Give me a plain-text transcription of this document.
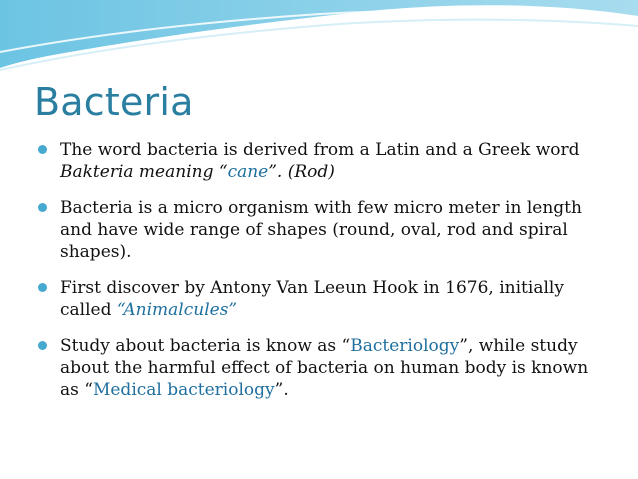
Bacteria
The word bacteria is derived from a Latin and a Greek word
Bakteria meaning “cane”. (Rod)
Bacteria is a micro organism with few micro meter in length and have wide range of shapes (round, oval, rod and spiral shapes).
First discover by Antony Van Leeun Hook in 1676, initially called “Animalcules”
Study about bacteria is know as “Bacteriology”, while study about the harmful effect of bacteria on human body is known as “Medical bacteriology”.
